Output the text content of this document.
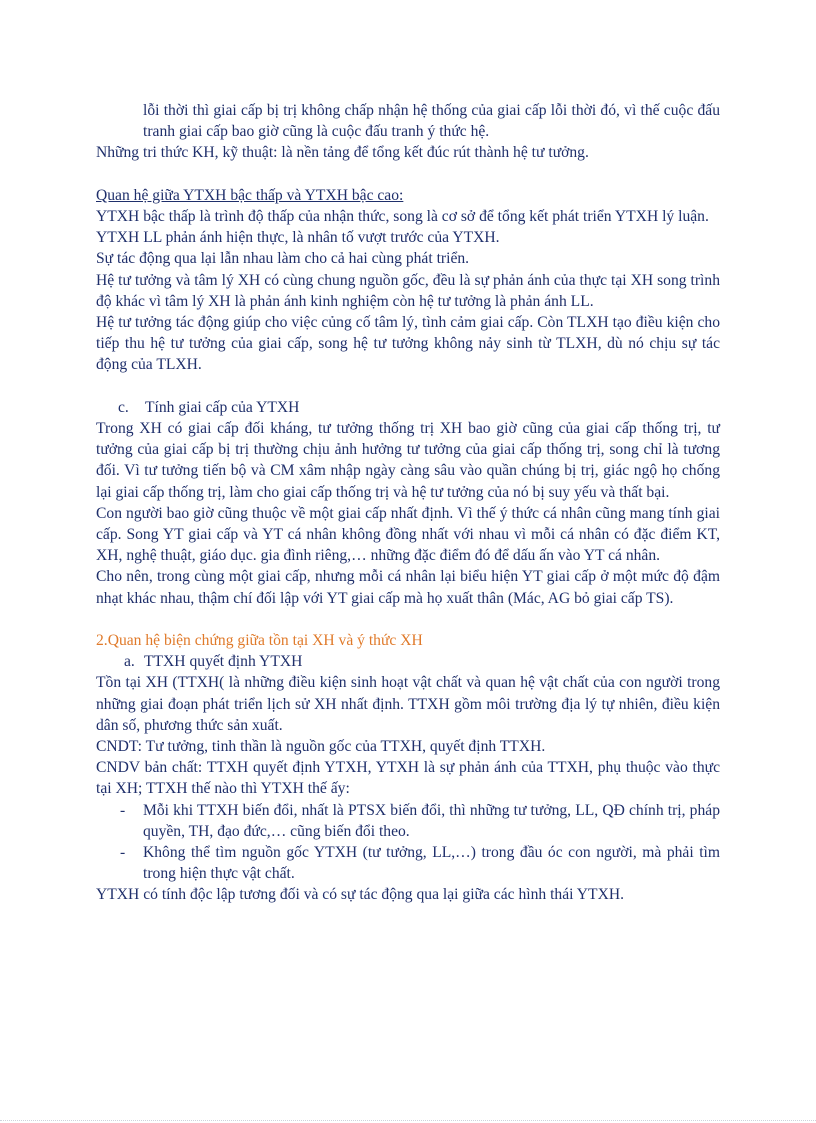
lỗi thời thì giai cấp bị trị không chấp nhận hệ thống của giai cấp lỗi thời đó, vì thế cuộc đấu tranh giai cấp bao giờ cũng là cuộc đấu tranh ý thức hệ.

Những tri thức KH, kỹ thuật: là nền tảng để tổng kết đúc rút thành hệ tư tưởng.

Quan hệ giữa YTXH bậc thấp và YTXH bậc cao:

YTXH bậc thấp là trình độ thấp của nhận thức, song là cơ sở để tổng kết phát triển YTXH lý luận.

YTXH LL phản ánh hiện thực, là nhân tố vượt trước của YTXH.

Sự tác động qua lại lẫn nhau làm cho cả hai cùng phát triển.

Hệ tư tưởng và tâm lý XH có cùng chung nguồn gốc, đều là sự phản ánh của thực tại XH song trình độ khác vì tâm lý XH là phản ánh kinh nghiệm còn hệ tư tưởng là phản ánh LL.

Hệ tư tưởng tác động giúp cho việc củng cố tâm lý, tình cảm giai cấp. Còn TLXH tạo điều kiện cho tiếp thu hệ tư tưởng của giai cấp, song hệ tư tưởng không nảy sinh từ TLXH, dù nó chịu sự tác động của TLXH.

c. Tính giai cấp của YTXH

Trong XH có giai cấp đối kháng, tư tưởng thống trị XH bao giờ cũng của giai cấp thống trị, tư tưởng của giai cấp bị trị thường chịu ảnh hưởng tư tưởng của giai cấp thống trị, song chỉ là tương đối. Vì tư tưởng tiến bộ và CM xâm nhập ngày càng sâu vào quần chúng bị trị, giác ngộ họ chống lại giai cấp thống trị, làm cho giai cấp thống trị và hệ tư tưởng của nó bị suy yếu và thất bại.

Con người bao giờ cũng thuộc về một giai cấp nhất định. Vì thế ý thức cá nhân cũng mang tính giai cấp. Song YT giai cấp và YT cá nhân không đồng nhất với nhau vì mỗi cá nhân có đặc điểm KT, XH, nghệ thuật, giáo dục. gia đình riêng,… những đặc điểm đó để dấu ấn vào YT cá nhân.

Cho nên, trong cùng một giai cấp, nhưng mỗi cá nhân lại biểu hiện YT giai cấp ở một mức độ đậm nhạt khác nhau, thậm chí đối lập với YT giai cấp mà họ xuất thân (Mác, AG bỏ giai cấp TS).

2.Quan hệ biện chứng giữa tồn tại XH và ý thức XH

a. TTXH quyết định YTXH

Tồn tại XH (TTXH( là những điều kiện sinh hoạt vật chất và quan hệ vật chất của con người trong những giai đoạn phát triển lịch sử XH nhất định. TTXH gồm môi trường địa lý tự nhiên, điều kiện dân số, phương thức sản xuất.

CNDT: Tư tưởng, tinh thần là nguồn gốc của TTXH, quyết định TTXH.

CNDV bản chất: TTXH quyết định YTXH, YTXH là sự phản ánh của TTXH, phụ thuộc vào thực tại XH; TTXH thế nào thì YTXH thế ấy:

- Mỗi khi TTXH biến đổi, nhất là PTSX biến đổi, thì những tư tưởng, LL, QĐ chính trị, pháp quyền, TH, đạo đức,… cũng biến đổi theo.
- Không thể tìm nguồn gốc YTXH (tư tưởng, LL,…) trong đầu óc con người, mà phải tìm trong hiện thực vật chất.

YTXH có tính độc lập tương đối và có sự tác động qua lại giữa các hình thái YTXH.
